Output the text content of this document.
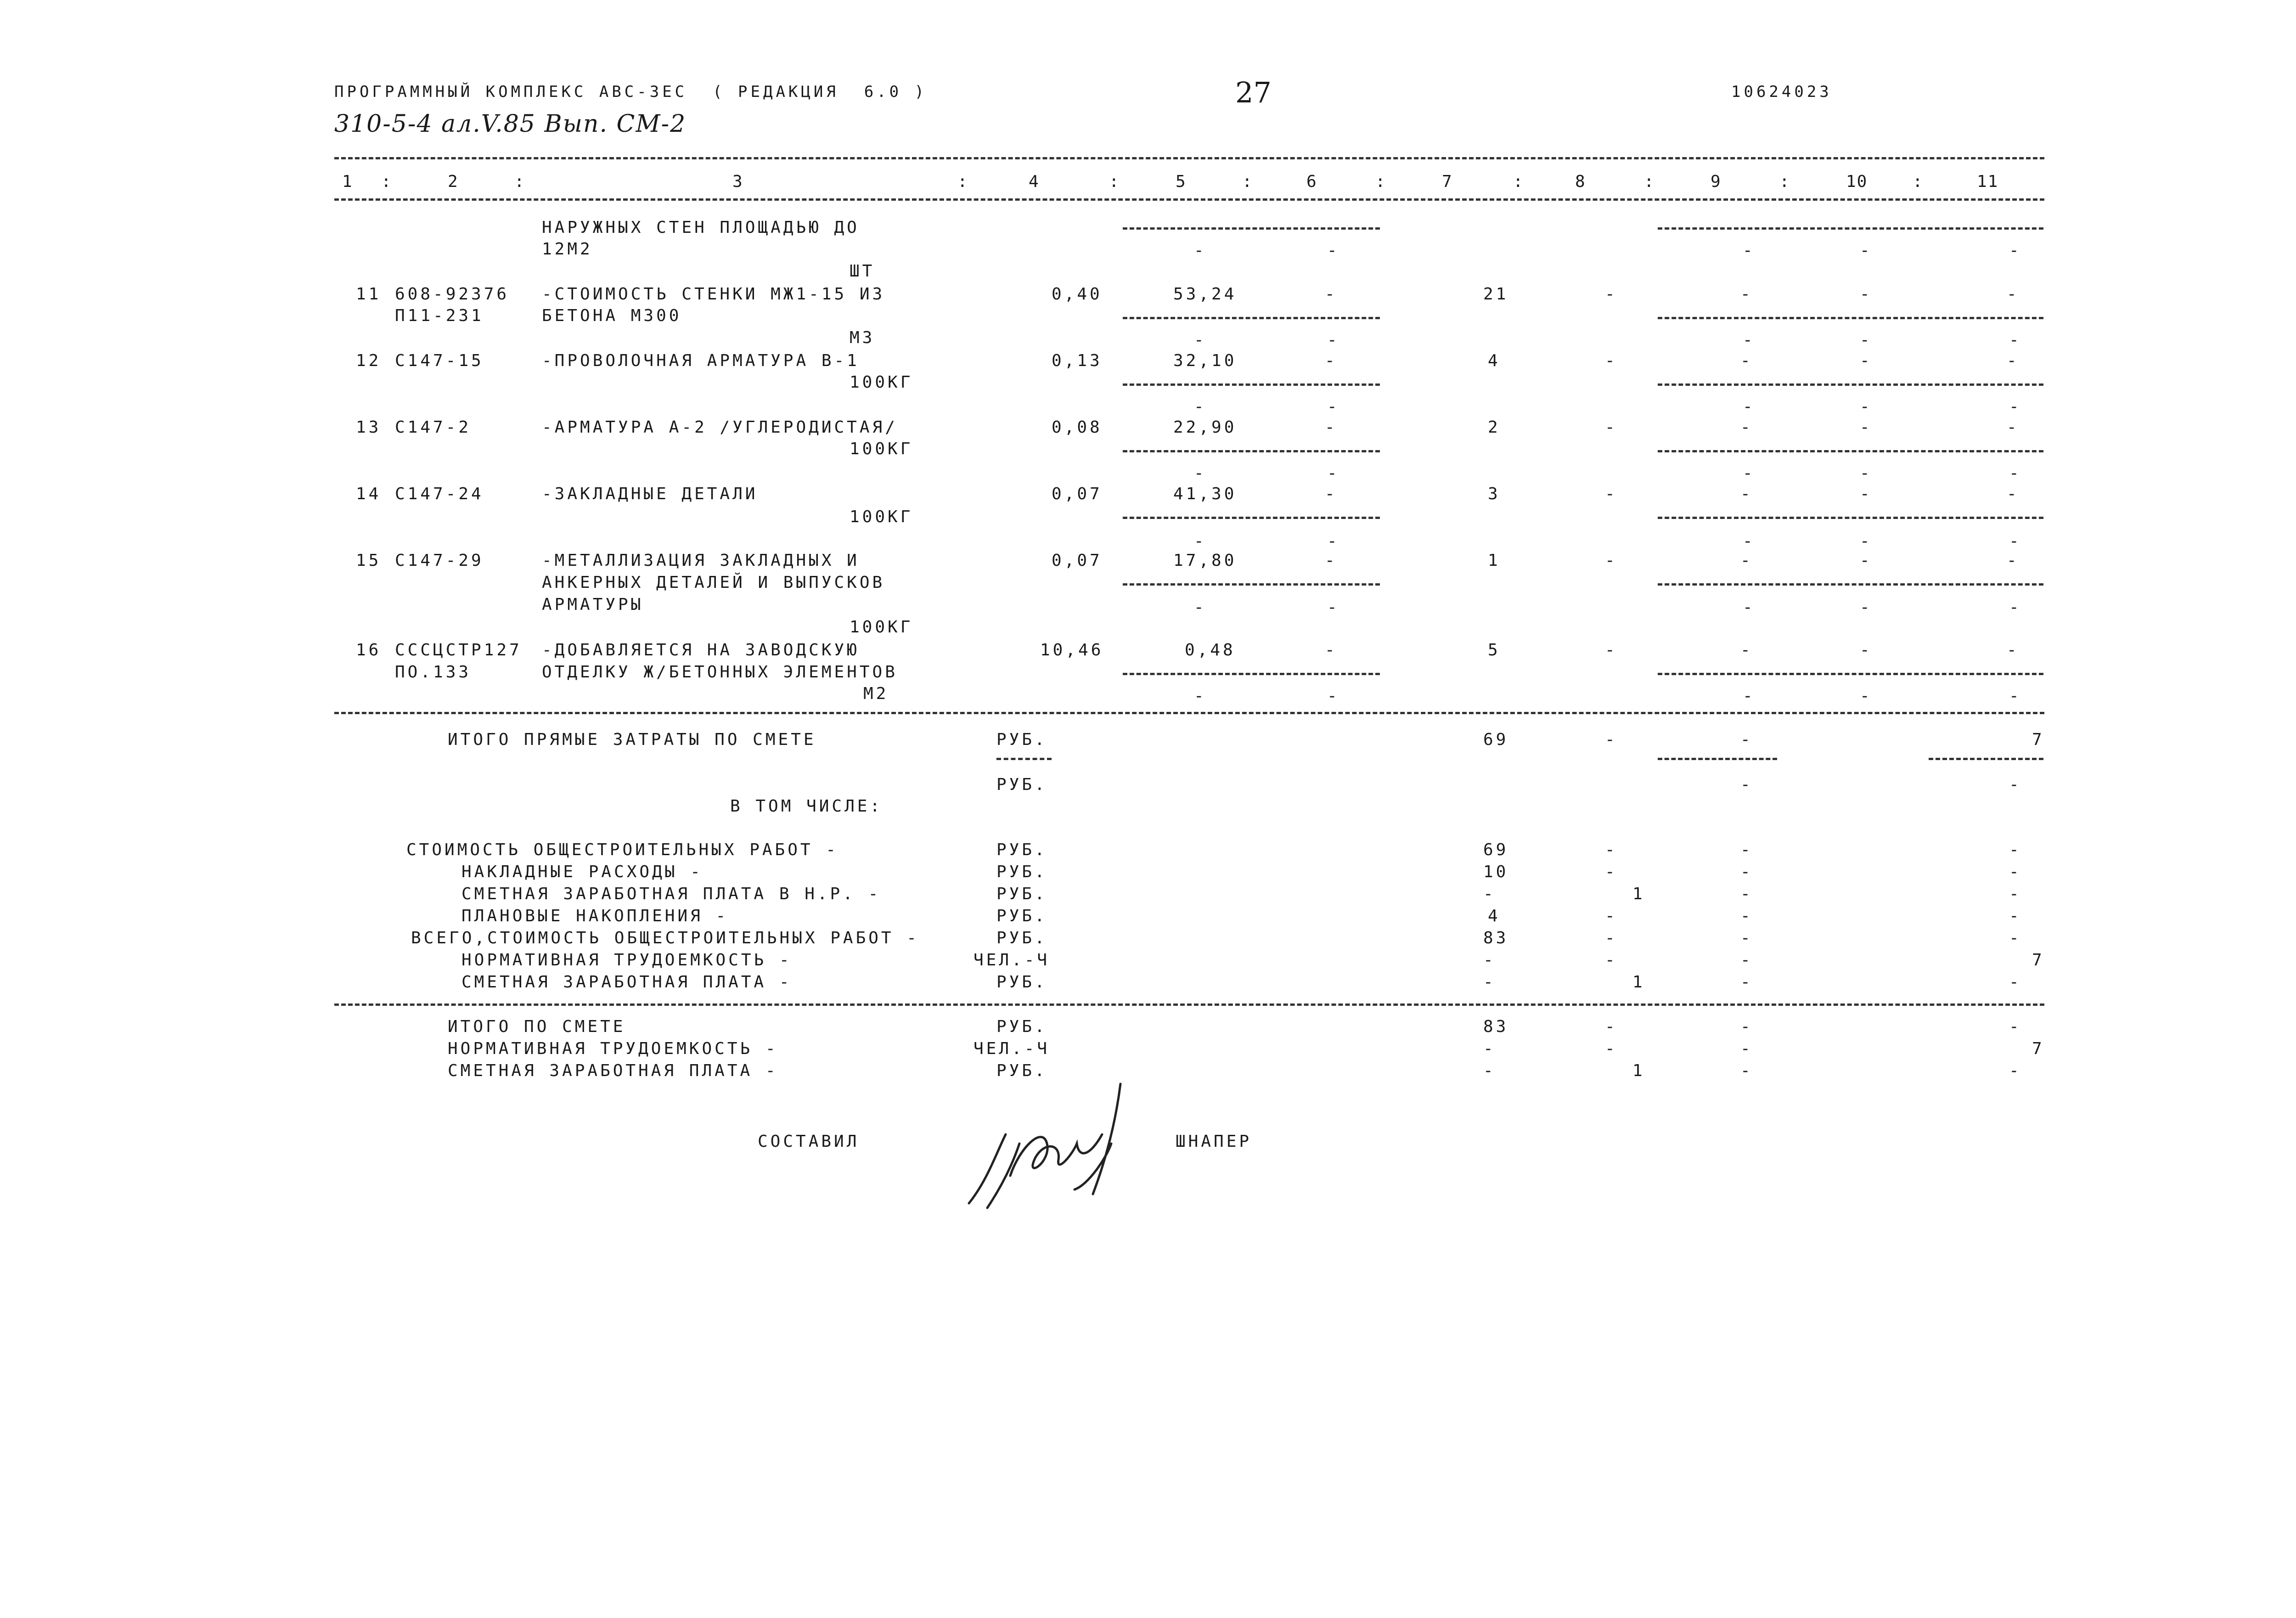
ПРОГРАММНЫЙ КОМПЛЕКС АВС-3ЕС  ( РЕДАКЦИЯ  6.0 )	27	10624023
310-5-4 ал.V.85 Вып. СМ-2
1 :	2	:	3	:	4	:	5	:	6	:	7	:	8	:	9	:	10	:	11
НАРУЖНЫХ СТЕН ПЛОЩАДЬЮ ДО
12М2
ШТ
-	-	-	-	-
11 608-92376
П11-231
-СТОИМОСТЬ СТЕНКИ МЖ1-15 ИЗ
БЕТОНА М300
М3
0,40	53,24	-	21	-	-	-	-
-	-	-	-	-
12 С147-15	-ПРОВОЛОЧНАЯ АРМАТУРА В-1
100КГ
0,13	32,10	-	4	-	-	-	-
-	-	-	-	-
13 С147-2	-АРМАТУРА А-2 /УГЛЕРОДИСТАЯ/
100КГ
0,08	22,90	-	2	-	-	-	-
-	-	-	-	-
14 С147-24	-ЗАКЛАДНЫЕ ДЕТАЛИ
100КГ
0,07	41,30	-	3	-	-	-	-
-	-	-	-	-
15 С147-29	-МЕТАЛЛИЗАЦИЯ ЗАКЛАДНЫХ И
АНКЕРНЫХ ДЕТАЛЕЙ И ВЫПУСКОВ
АРМАТУРЫ
100КГ
0,07	17,80	-	1	-	-	-	-
-	-	-	-	-
16 СССЦСТР127
ПО.133
-ДОБАВЛЯЕТСЯ НА ЗАВОДСКУЮ
ОТДЕЛКУ Ж/БЕТОННЫХ ЭЛЕМЕНТОВ
М2
10,46	0,48	-	5	-	-	-	-
-	-	-	-	-
ИТОГО ПРЯМЫЕ ЗАТРАТЫ ПО СМЕТЕ	РУБ.	69	-	-	7
РУБ.	-	-
В ТОМ ЧИСЛЕ:
СТОИМОСТЬ ОБЩЕСТРОИТЕЛЬНЫХ РАБОТ -	РУБ.	69	-	-	-
НАКЛАДНЫЕ РАСХОДЫ -	РУБ.	10	-	-	-
СМЕТНАЯ ЗАРАБОТНАЯ ПЛАТА В Н.Р. -	РУБ.	-	1	-	-
ПЛАНОВЫЕ НАКОПЛЕНИЯ -	РУБ.	4	-	-	-
ВСЕГО,СТОИМОСТЬ ОБЩЕСТРОИТЕЛЬНЫХ РАБОТ -	РУБ.	83	-	-	-
НОРМАТИВНАЯ ТРУДОЕМКОСТЬ -	ЧЕЛ.-Ч	-	-	-	7
СМЕТНАЯ ЗАРАБОТНАЯ ПЛАТА -	РУБ.	-	1	-	-
ИТОГО ПО СМЕТЕ	РУБ.	83	-	-	-
НОРМАТИВНАЯ ТРУДОЕМКОСТЬ -	ЧЕЛ.-Ч	-	-	-	7
СМЕТНАЯ ЗАРАБОТНАЯ ПЛАТА -	РУБ.	-	1	-	-
СОСТАВИЛ	ШНАПЕР
